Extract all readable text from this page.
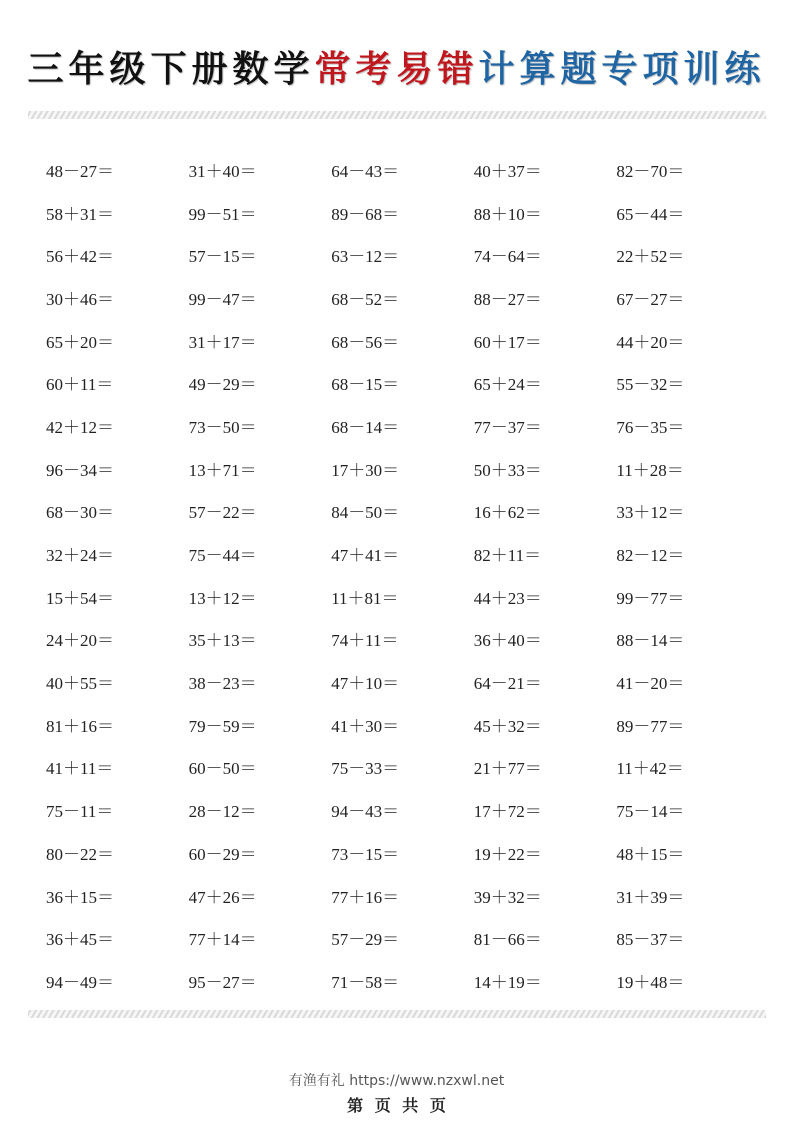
三年级下册数学常考易错计算题专项训练
48－27＝	31＋40＝	64－43＝	40＋37＝	82－70＝
58＋31＝	99－51＝	89－68＝	88＋10＝	65－44＝
56＋42＝	57－15＝	63－12＝	74－64＝	22＋52＝
30＋46＝	99－47＝	68－52＝	88－27＝	67－27＝
65＋20＝	31＋17＝	68－56＝	60＋17＝	44＋20＝
60＋11＝	49－29＝	68－15＝	65＋24＝	55－32＝
42＋12＝	73－50＝	68－14＝	77－37＝	76－35＝
96－34＝	13＋71＝	17＋30＝	50＋33＝	11＋28＝
68－30＝	57－22＝	84－50＝	16＋62＝	33＋12＝
32＋24＝	75－44＝	47＋41＝	82＋11＝	82－12＝
15＋54＝	13＋12＝	11＋81＝	44＋23＝	99－77＝
24＋20＝	35＋13＝	74＋11＝	36＋40＝	88－14＝
40＋55＝	38－23＝	47＋10＝	64－21＝	41－20＝
81＋16＝	79－59＝	41＋30＝	45＋32＝	89－77＝
41＋11＝	60－50＝	75－33＝	21＋77＝	11＋42＝
75－11＝	28－12＝	94－43＝	17＋72＝	75－14＝
80－22＝	60－29＝	73－15＝	19＋22＝	48＋15＝
36＋15＝	47＋26＝	77＋16＝	39＋32＝	31＋39＝
36＋45＝	77＋14＝	57－29＝	81－66＝	85－37＝
94－49＝	95－27＝	71－58＝	14＋19＝	19＋48＝
有渔有礼 https://www.nzxwl.net
第 页 共 页
